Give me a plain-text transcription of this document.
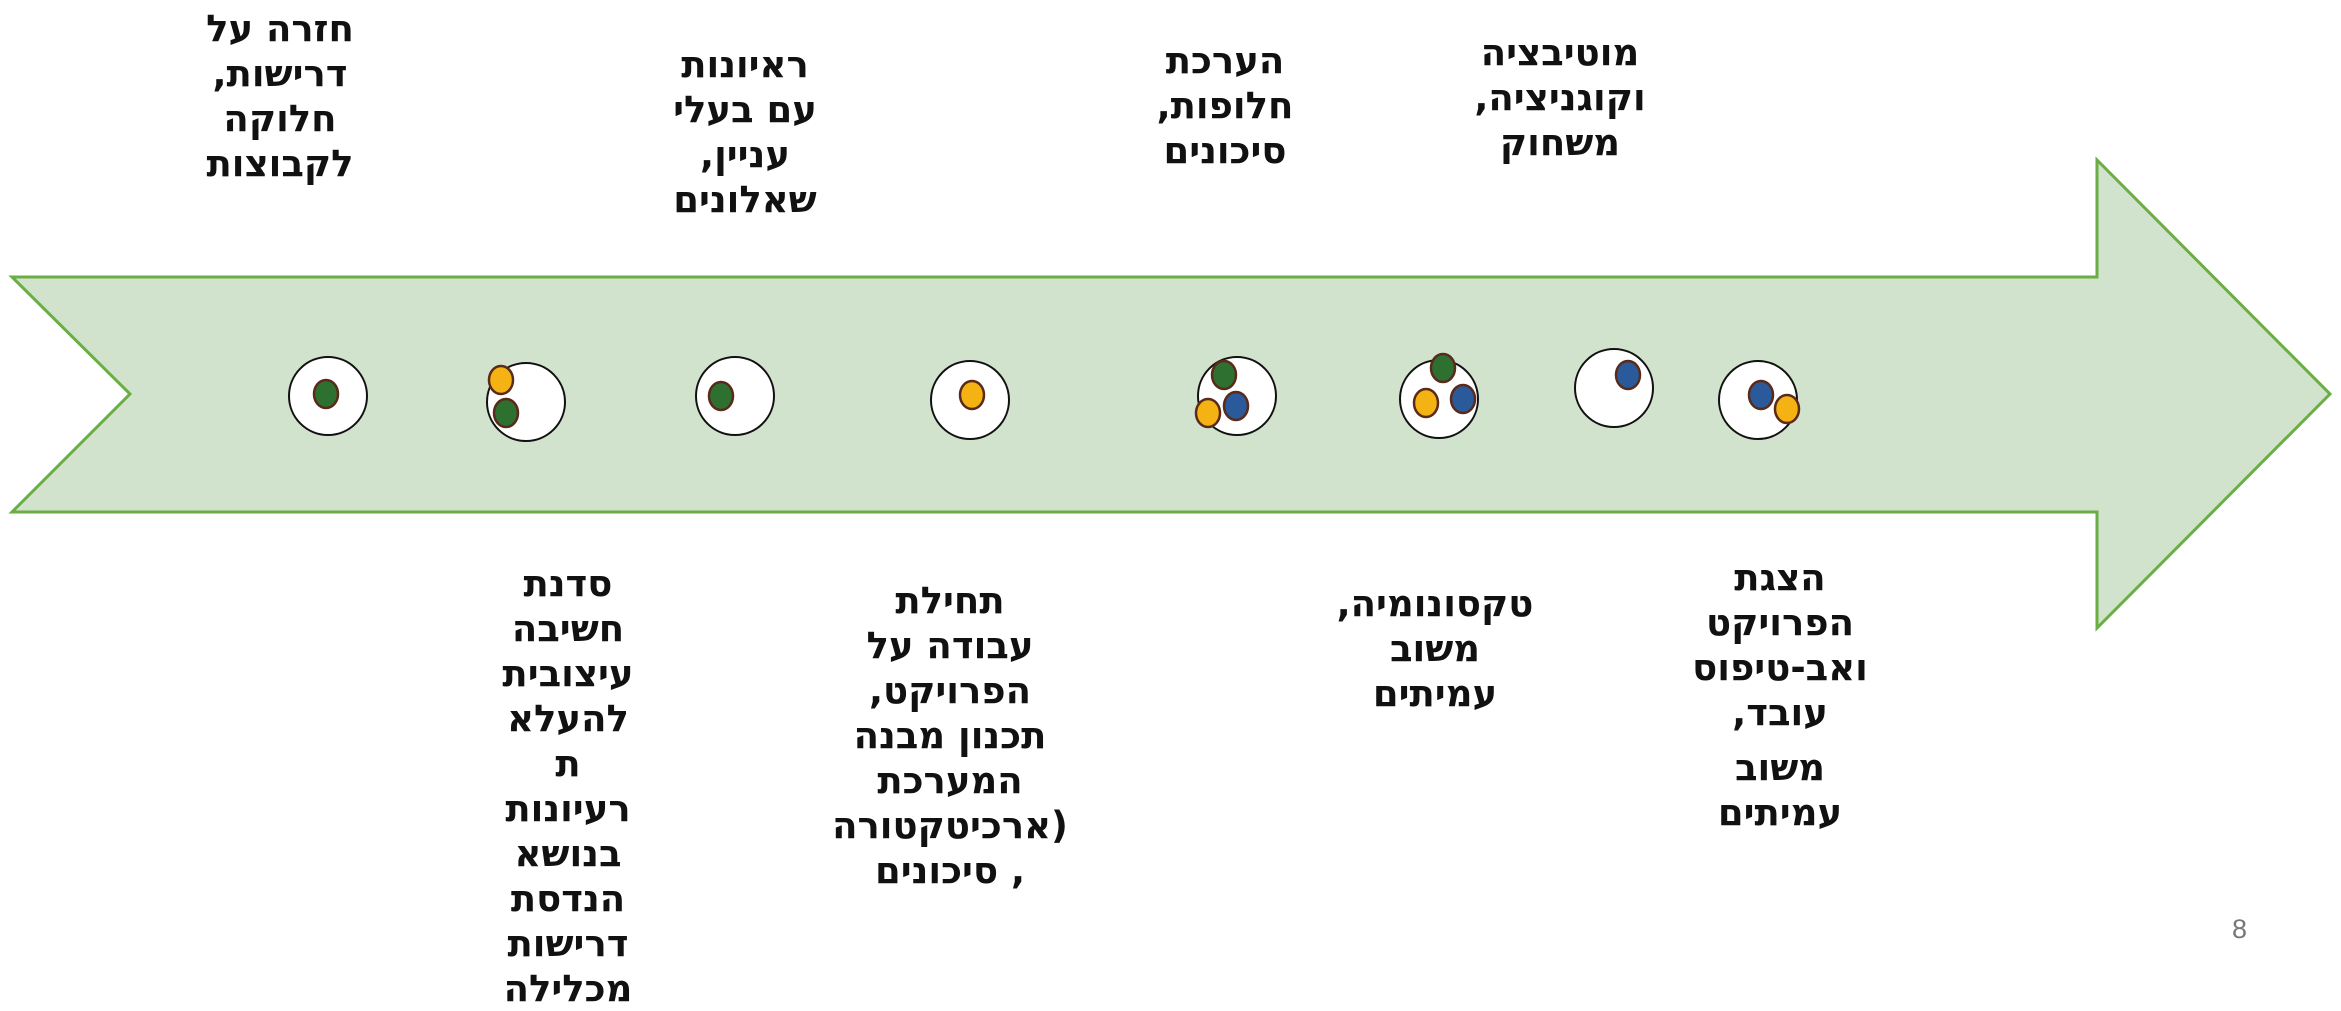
חזרה על
דרישות,
חלוקה
לקבוצות
ראיונות
עם בעלי
עניין,
שאלונים
הערכת
חלופות,
סיכונים
מוטיבציה
וקוגניציה,
משחוק
סדנת
חשיבה
עיצובית
להעלא
ת
רעיונות
בנושא
הנדסת
דרישות
מכלילה
תחילת
עבודה על
הפרויקט,
תכנון מבנה
המערכת
(ארכיטקטורה
, סיכונים
טקסונומיה,
משוב
עמיתים
הצגת
הפרויקט
ואב-טיפוס
עובד,
משוב
עמיתים
8
